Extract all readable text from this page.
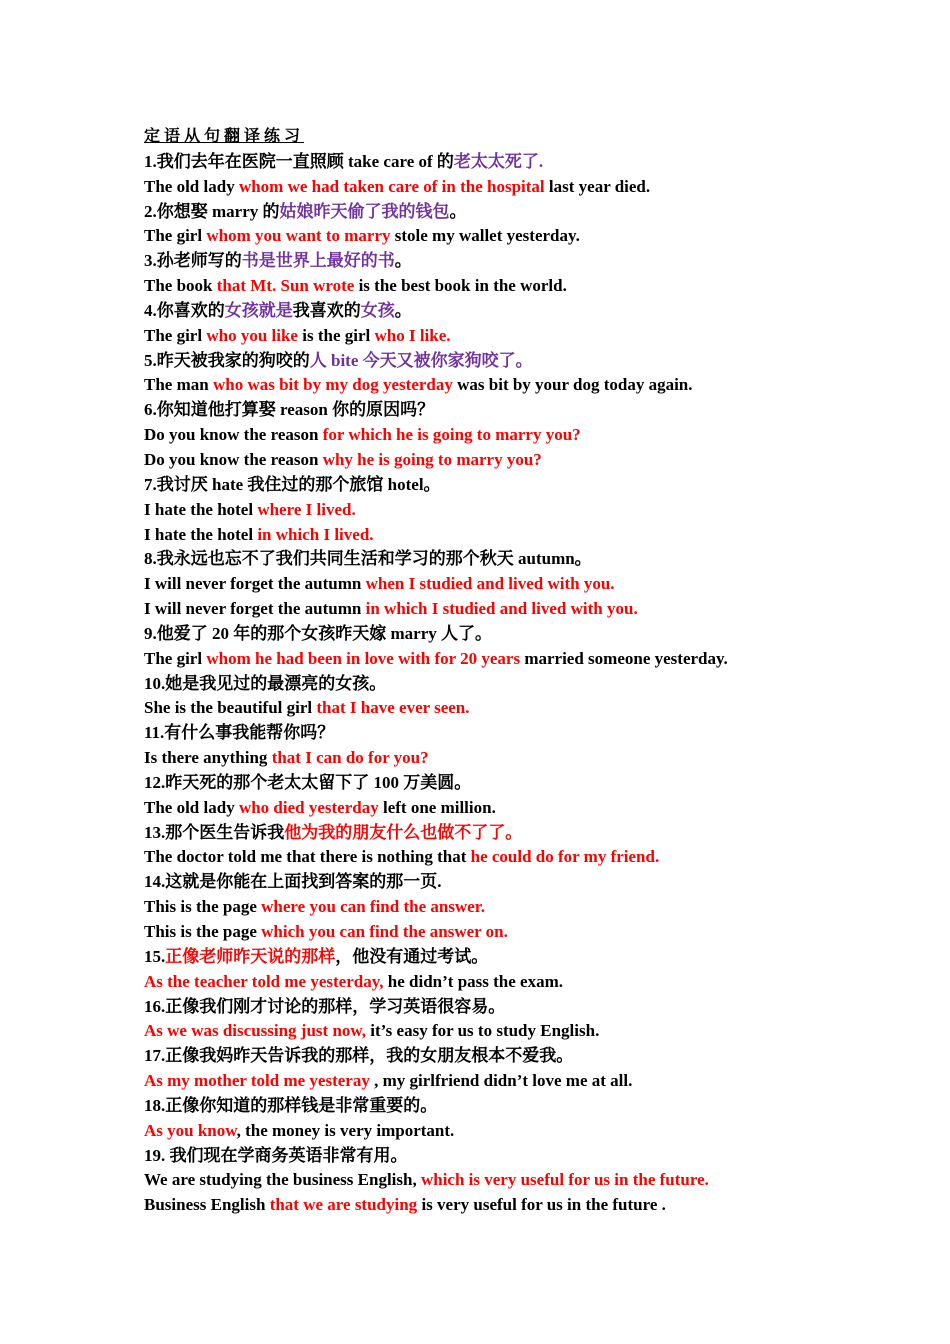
定语从句翻译练习
1.我们去年在医院一直照顾 take care of 的老太太死了.
The old lady whom we had taken care of in the hospital last year died.
2.你想娶 marry 的姑娘昨天偷了我的钱包。
The girl whom you want to marry stole my wallet yesterday.
3.孙老师写的书是世界上最好的书。
The book that Mt. Sun wrote is the best book in the world.
4.你喜欢的女孩就是我喜欢的女孩。
The girl who you like is the girl who I like.
5.昨天被我家的狗咬的人 bite 今天又被你家狗咬了。
The man who was bit by my dog yesterday was bit by your dog today again.
6.你知道他打算娶 reason 你的原因吗？
Do you know the reason for which he is going to marry you?
Do you know the reason why he is going to marry you?
7.我讨厌 hate 我住过的那个旅馆 hotel。
I hate the hotel where I lived.
I hate the hotel in which I lived.
8.我永远也忘不了我们共同生活和学习的那个秋天 autumn。
I will never forget the autumn when I studied and lived with you.
I will never forget the autumn in which I studied and lived with you.
9.他爱了 20 年的那个女孩昨天嫁 marry 人了。
The girl whom he had been in love with for 20 years married someone yesterday.
10.她是我见过的最漂亮的女孩。
She is the beautiful girl that I have ever seen.
11.有什么事我能帮你吗？
Is there anything that I can do for you?
12.昨天死的那个老太太留下了 100 万美圆。
The old lady who died yesterday left one million.
13.那个医生告诉我他为我的朋友什么也做不了了。
The doctor told me that there is nothing that he could do for my friend.
14.这就是你能在上面找到答案的那一页.
This is the page where you can find the answer.
This is the page which you can find the answer on.
15.正像老师昨天说的那样，他没有通过考试。
As the teacher told me yesterday, he didn’t pass the exam.
16.正像我们刚才讨论的那样，学习英语很容易。
As we was discussing just now, it’s easy for us to study English.
17.正像我妈昨天告诉我的那样，我的女朋友根本不爱我。
As my mother told me yesteray , my girlfriend didn’t love me at all.
18.正像你知道的那样钱是非常重要的。
As you know, the money is very important.
19. 我们现在学商务英语非常有用。
We are studying the business English, which is very useful for us in the future.
Business English that we are studying is very useful for us in the future .
